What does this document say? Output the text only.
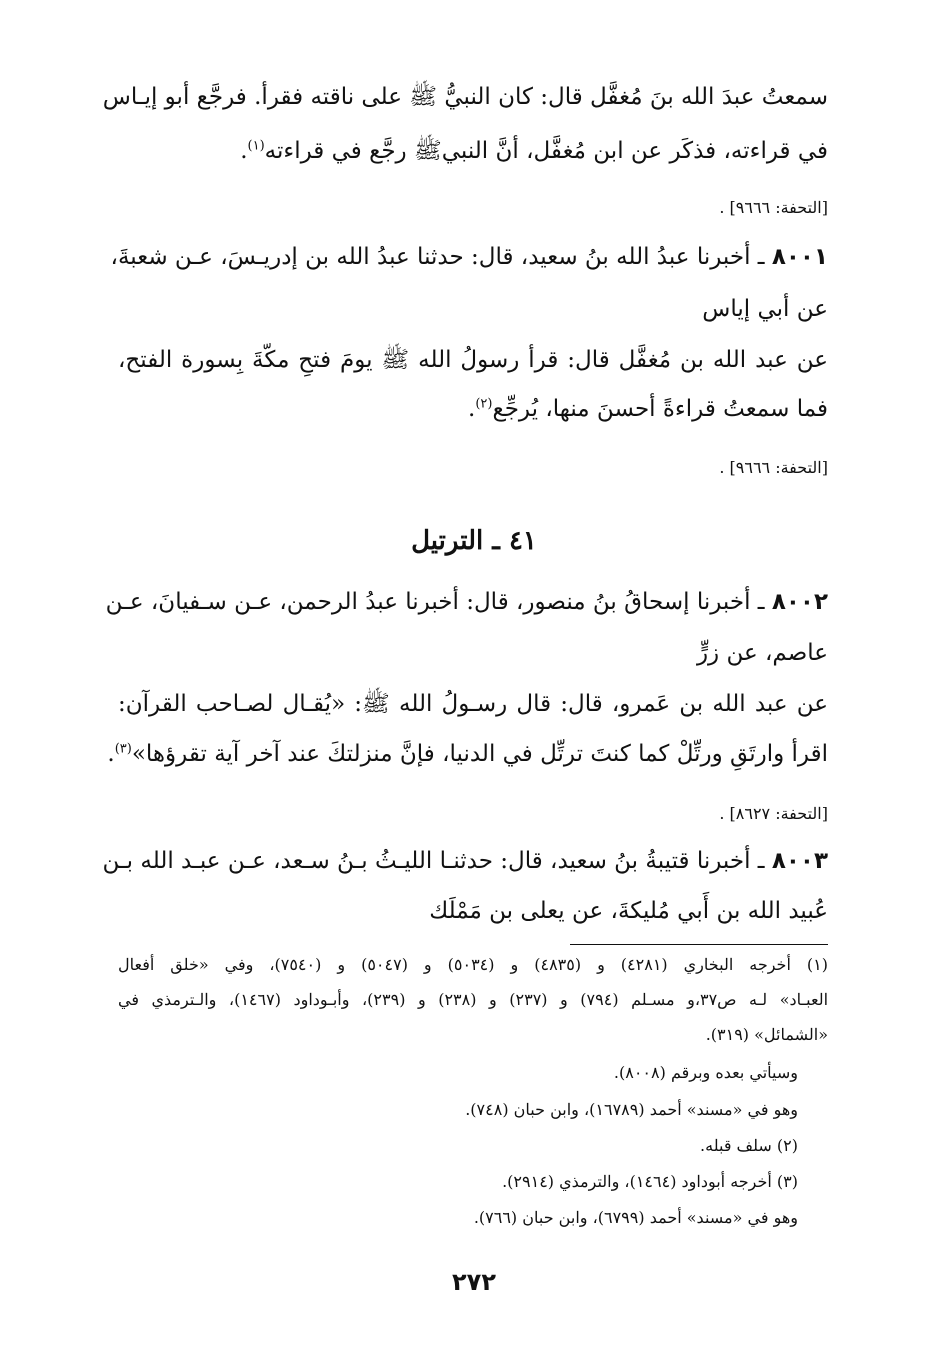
سمعتُ عبدَ الله بنَ مُغفَّل قال: كان النبيُّ ﷺ على ناقته فقرأ. فرجَّع أبو إيـاس
في قراءته، فذكَر عن ابن مُغفَّل، أنَّ النبيﷺ رجَّع في قراءته$^{(١)}$.
[التحفة: ٩٦٦٦] .
٨٠٠١ ـ أخبرنا عبدُ الله بنُ سعيد، قال: حدثنا عبدُ الله بن إدريـسَ، عـن شعبةَ،
عن أبي إياس
عن عبد الله بن مُغفَّل قال: قرأ رسولُ الله ﷺ يومَ فتحِ مكّةَ بِسورة الفتح،
فما سمعتُ قراءةً أحسنَ منها، يُرجِّع$^{(٢)}$.
[التحفة: ٩٦٦٦] .
٤١ ـ الترتيل
٨٠٠٢ ـ أخبرنا إسحاقُ بنُ منصور، قال: أخبرنا عبدُ الرحمن، عـن سـفيانَ، عـن
عاصم، عن زرٍّ
عن عبد الله بن عَمرو، قال: قال رسـولُ الله ﷺ: «يُقـال لصـاحب القرآن:
اقرأ وارتَقِ ورتِّلْ كما كنتَ ترتِّل في الدنيا، فإنَّ منزلتكَ عند آخر آية تقرؤها»$^{(٣)}$.
[التحفة: ٨٦٢٧] .
٨٠٠٣ ـ أخبرنا قتيبةُ بنُ سعيد، قال: حدثنـا الليـثُ بـنُ سـعد، عـن عبـد الله بـن
عُبيد الله بن أَبي مُليكةَ، عن يعلى بن مَمْلَك
(١) أخرجه البخاري (٤٢٨١) و (٤٨٣٥) و (٥٠٣٤) و (٥٠٤٧) و (٧٥٤٠)، وفي «خلق أفعال
العبـاد» لـه ص٣٧،و مسـلم (٧٩٤) و (٢٣٧) و (٢٣٨) و (٢٣٩)، وأبـوداود (١٤٦٧)، والـترمذي في
«الشمائل» (٣١٩).
وسيأتي بعده وبرقم (٨٠٠٨).
وهو في «مسند» أحمد (١٦٧٨٩)، وابن حبان (٧٤٨).
(٢) سلف قبله.
(٣) أخرجه أبوداود (١٤٦٤)، والترمذي (٢٩١٤).
وهو في «مسند» أحمد (٦٧٩٩)، وابن حبان (٧٦٦).
٢٧٢
